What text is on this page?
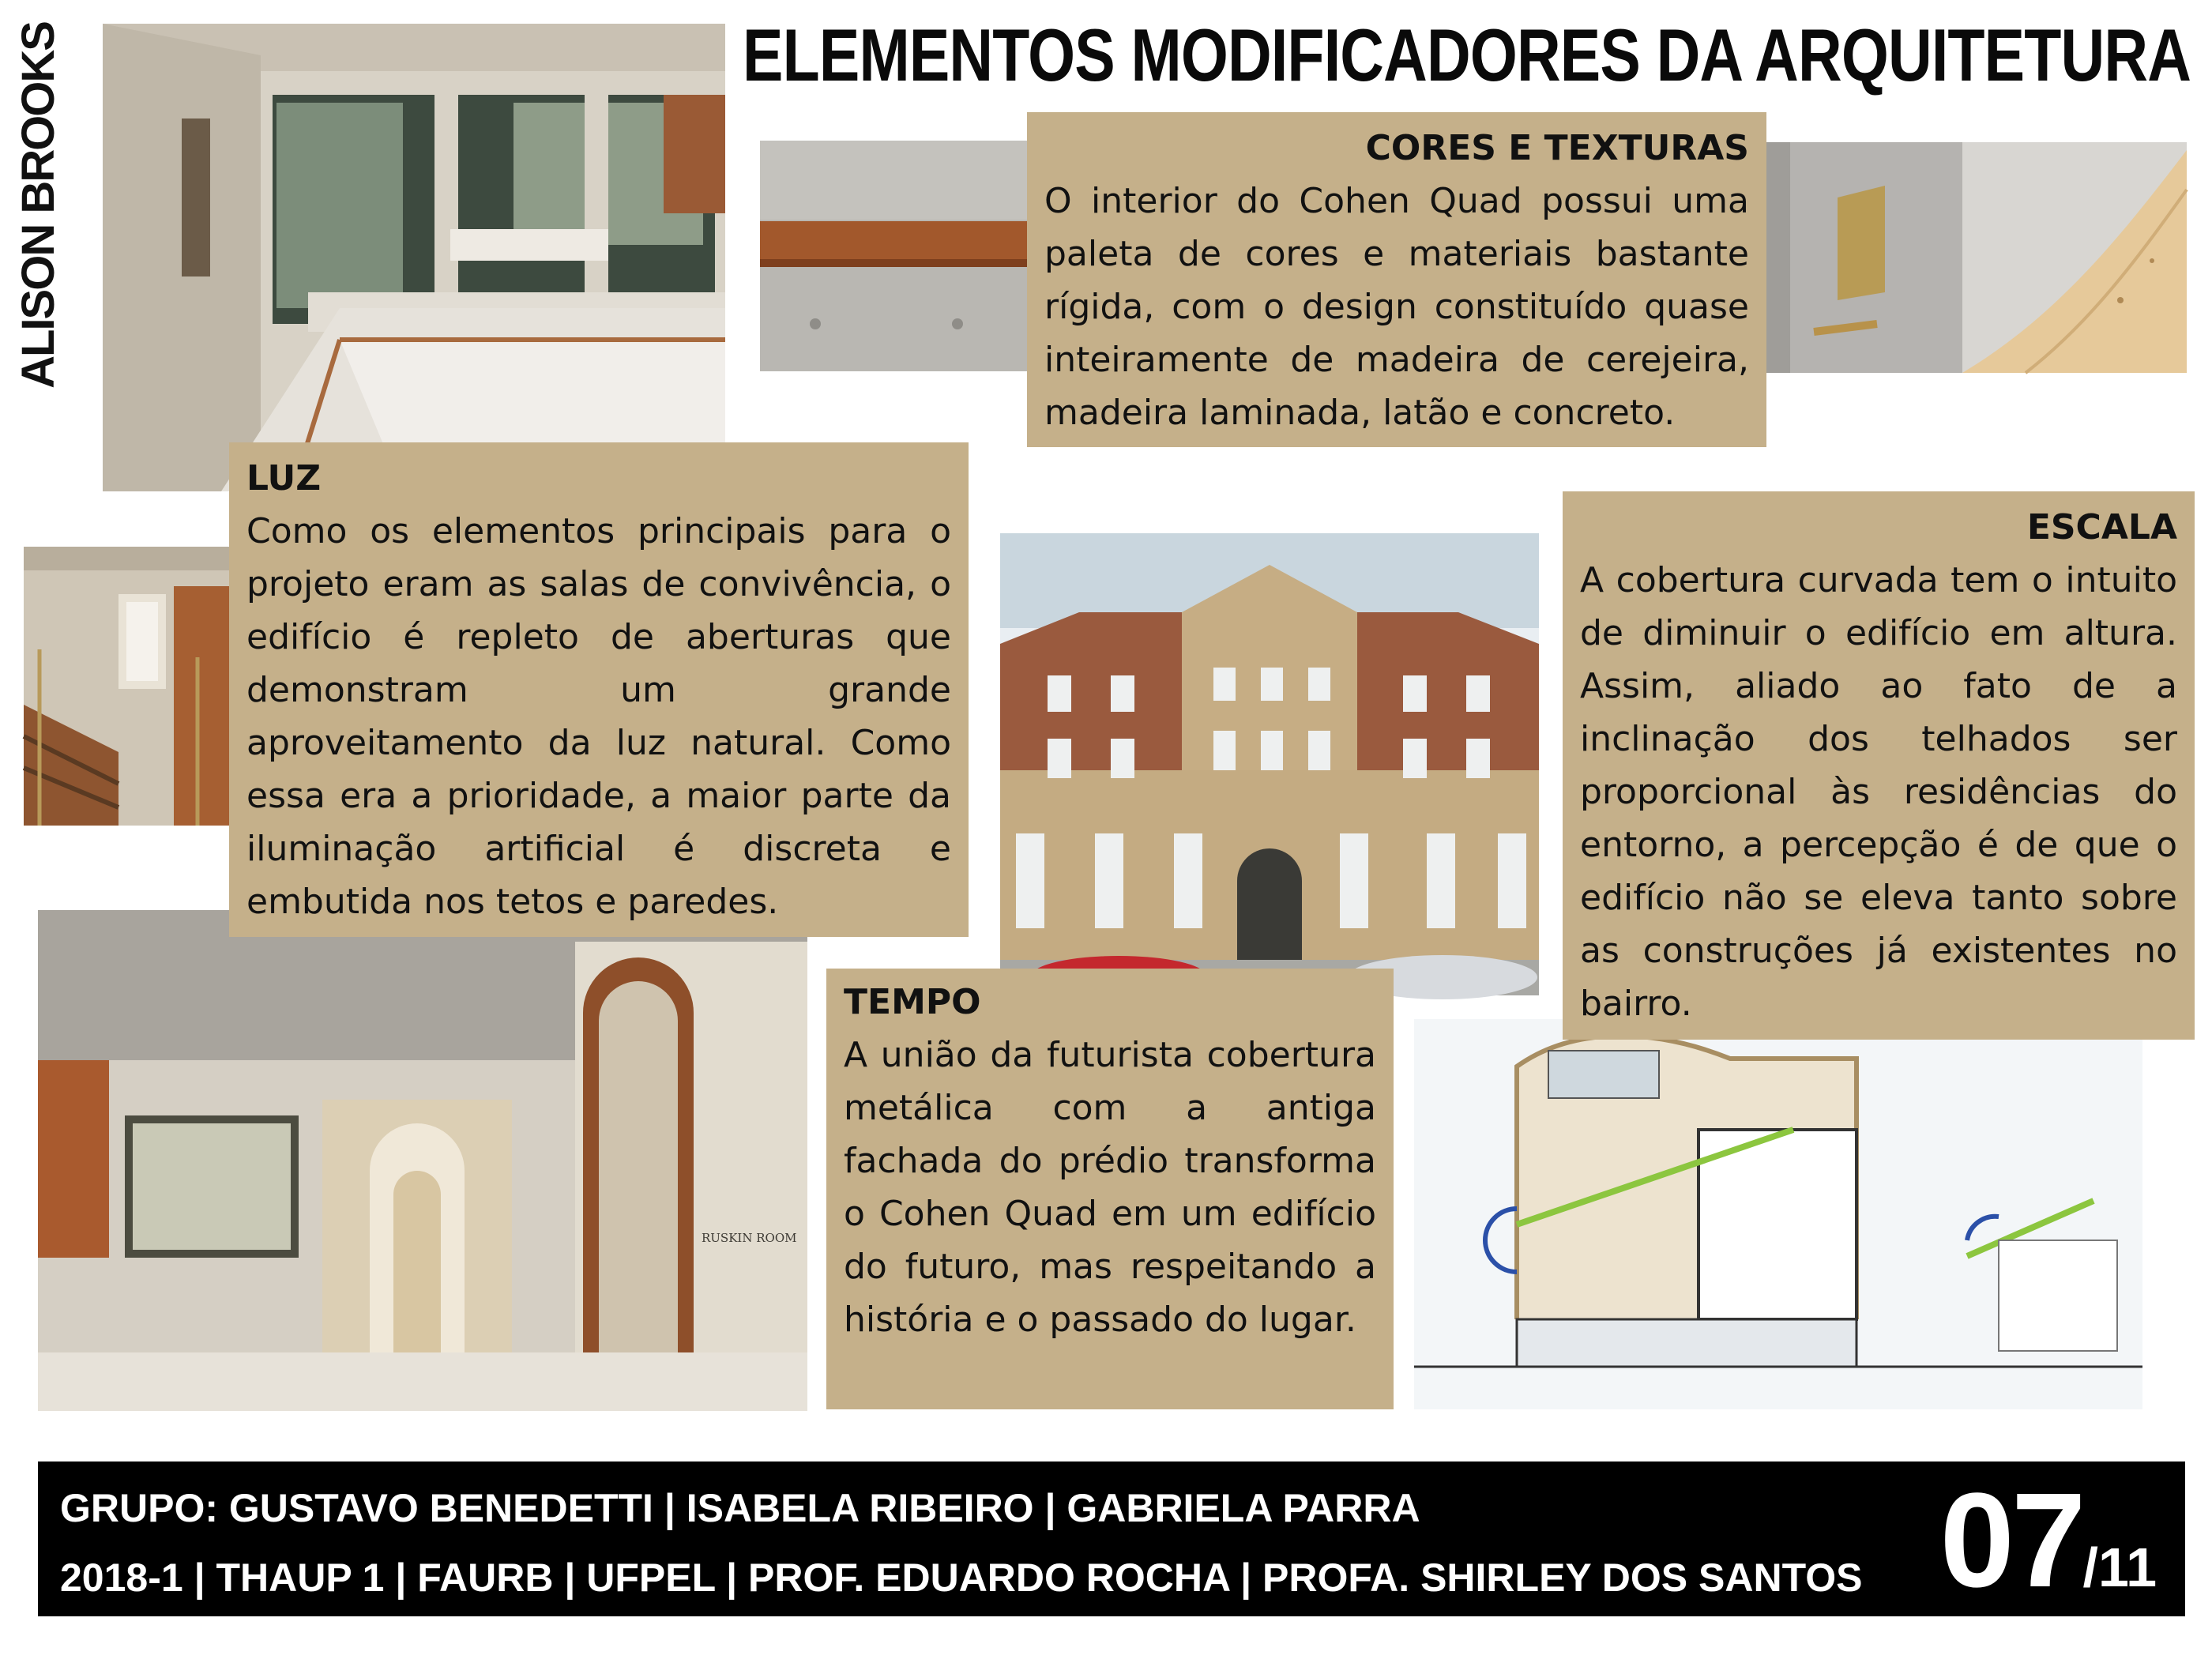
ALISON BROOKS	ELEMENTOS MODIFICADORES DA ARQUITETURA
RUSKIN ROOM
CORES E TEXTURAS

O interior do Cohen Quad possui uma paleta de cores e materiais bastante rígida, com o design constituído quase inteiramente de madeira de cerejeira, madeira laminada, latão e concreto.

LUZ

Como os elementos principais para o projeto eram as salas de convivência, o edifício é repleto de aberturas que demonstram um grande aproveitamento da luz natural. Como essa era a prioridade, a maior parte da iluminação artificial é discreta e embutida nos tetos e paredes.

ESCALA

A cobertura curvada tem o intuito de diminuir o edifício em altura. Assim, aliado ao fato de a inclinação dos telhados ser proporcional às residências do entorno, a percepção é de que o edifício não se eleva tanto sobre as construções já existentes no bairro.

TEMPO

A união da futurista cobertura metálica com a antiga fachada do prédio transforma o Cohen Quad em um edifício do futuro, mas respeitando a história e o passado do lugar.

GRUPO: GUSTAVO BENEDETTI | ISABELA RIBEIRO | GABRIELA PARRA
2018-1 | THAUP 1 | FAURB | UFPEL | PROF. EDUARDO ROCHA | PROFA. SHIRLEY DOS SANTOS 07/11
